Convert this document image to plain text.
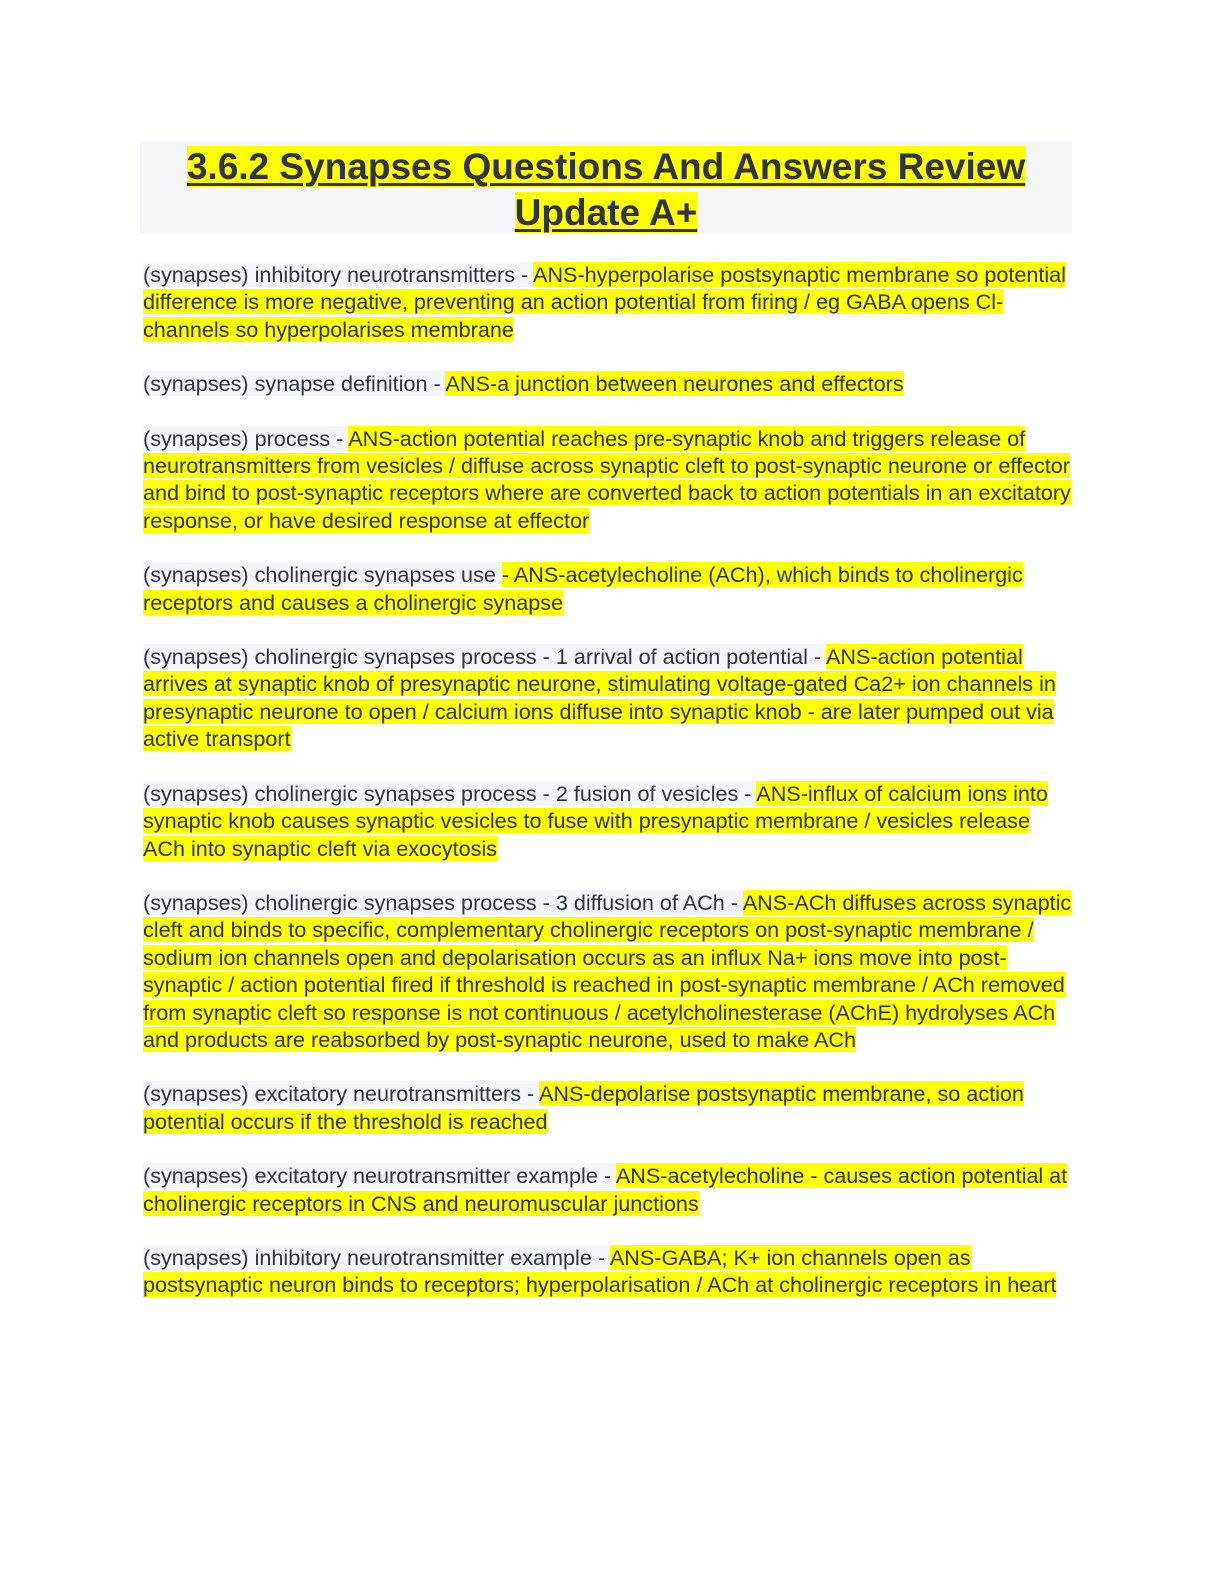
3.6.2 Synapses Questions And Answers Review Update A+

(synapses) inhibitory neurotransmitters - ANS-hyperpolarise postsynaptic membrane so potential difference is more negative, preventing an action potential from firing / eg GABA opens Cl- channels so hyperpolarises membrane

(synapses) synapse definition - ANS-a junction between neurones and effectors

(synapses) process - ANS-action potential reaches pre-synaptic knob and triggers release of neurotransmitters from vesicles / diffuse across synaptic cleft to post-synaptic neurone or effector and bind to post-synaptic receptors where are converted back to action potentials in an excitatory response, or have desired response at effector

(synapses) cholinergic synapses use - ANS-acetylecholine (ACh), which binds to cholinergic receptors and causes a cholinergic synapse

(synapses) cholinergic synapses process - 1 arrival of action potential - ANS-action potential arrives at synaptic knob of presynaptic neurone, stimulating voltage-gated Ca2+ ion channels in presynaptic neurone to open / calcium ions diffuse into synaptic knob - are later pumped out via active transport

(synapses) cholinergic synapses process - 2 fusion of vesicles - ANS-influx of calcium ions into synaptic knob causes synaptic vesicles to fuse with presynaptic membrane / vesicles release ACh into synaptic cleft via exocytosis

(synapses) cholinergic synapses process - 3 diffusion of ACh - ANS-ACh diffuses across synaptic cleft and binds to specific, complementary cholinergic receptors on post-synaptic membrane / sodium ion channels open and depolarisation occurs as an influx Na+ ions move into post-synaptic / action potential fired if threshold is reached in post-synaptic membrane / ACh removed from synaptic cleft so response is not continuous / acetylcholinesterase (AChE) hydrolyses ACh and products are reabsorbed by post-synaptic neurone, used to make ACh

(synapses) excitatory neurotransmitters - ANS-depolarise postsynaptic membrane, so action potential occurs if the threshold is reached

(synapses) excitatory neurotransmitter example - ANS-acetylecholine - causes action potential at cholinergic receptors in CNS and neuromuscular junctions

(synapses) inhibitory neurotransmitter example - ANS-GABA; K+ ion channels open as postsynaptic neuron binds to receptors; hyperpolarisation / ACh at cholinergic receptors in heart
